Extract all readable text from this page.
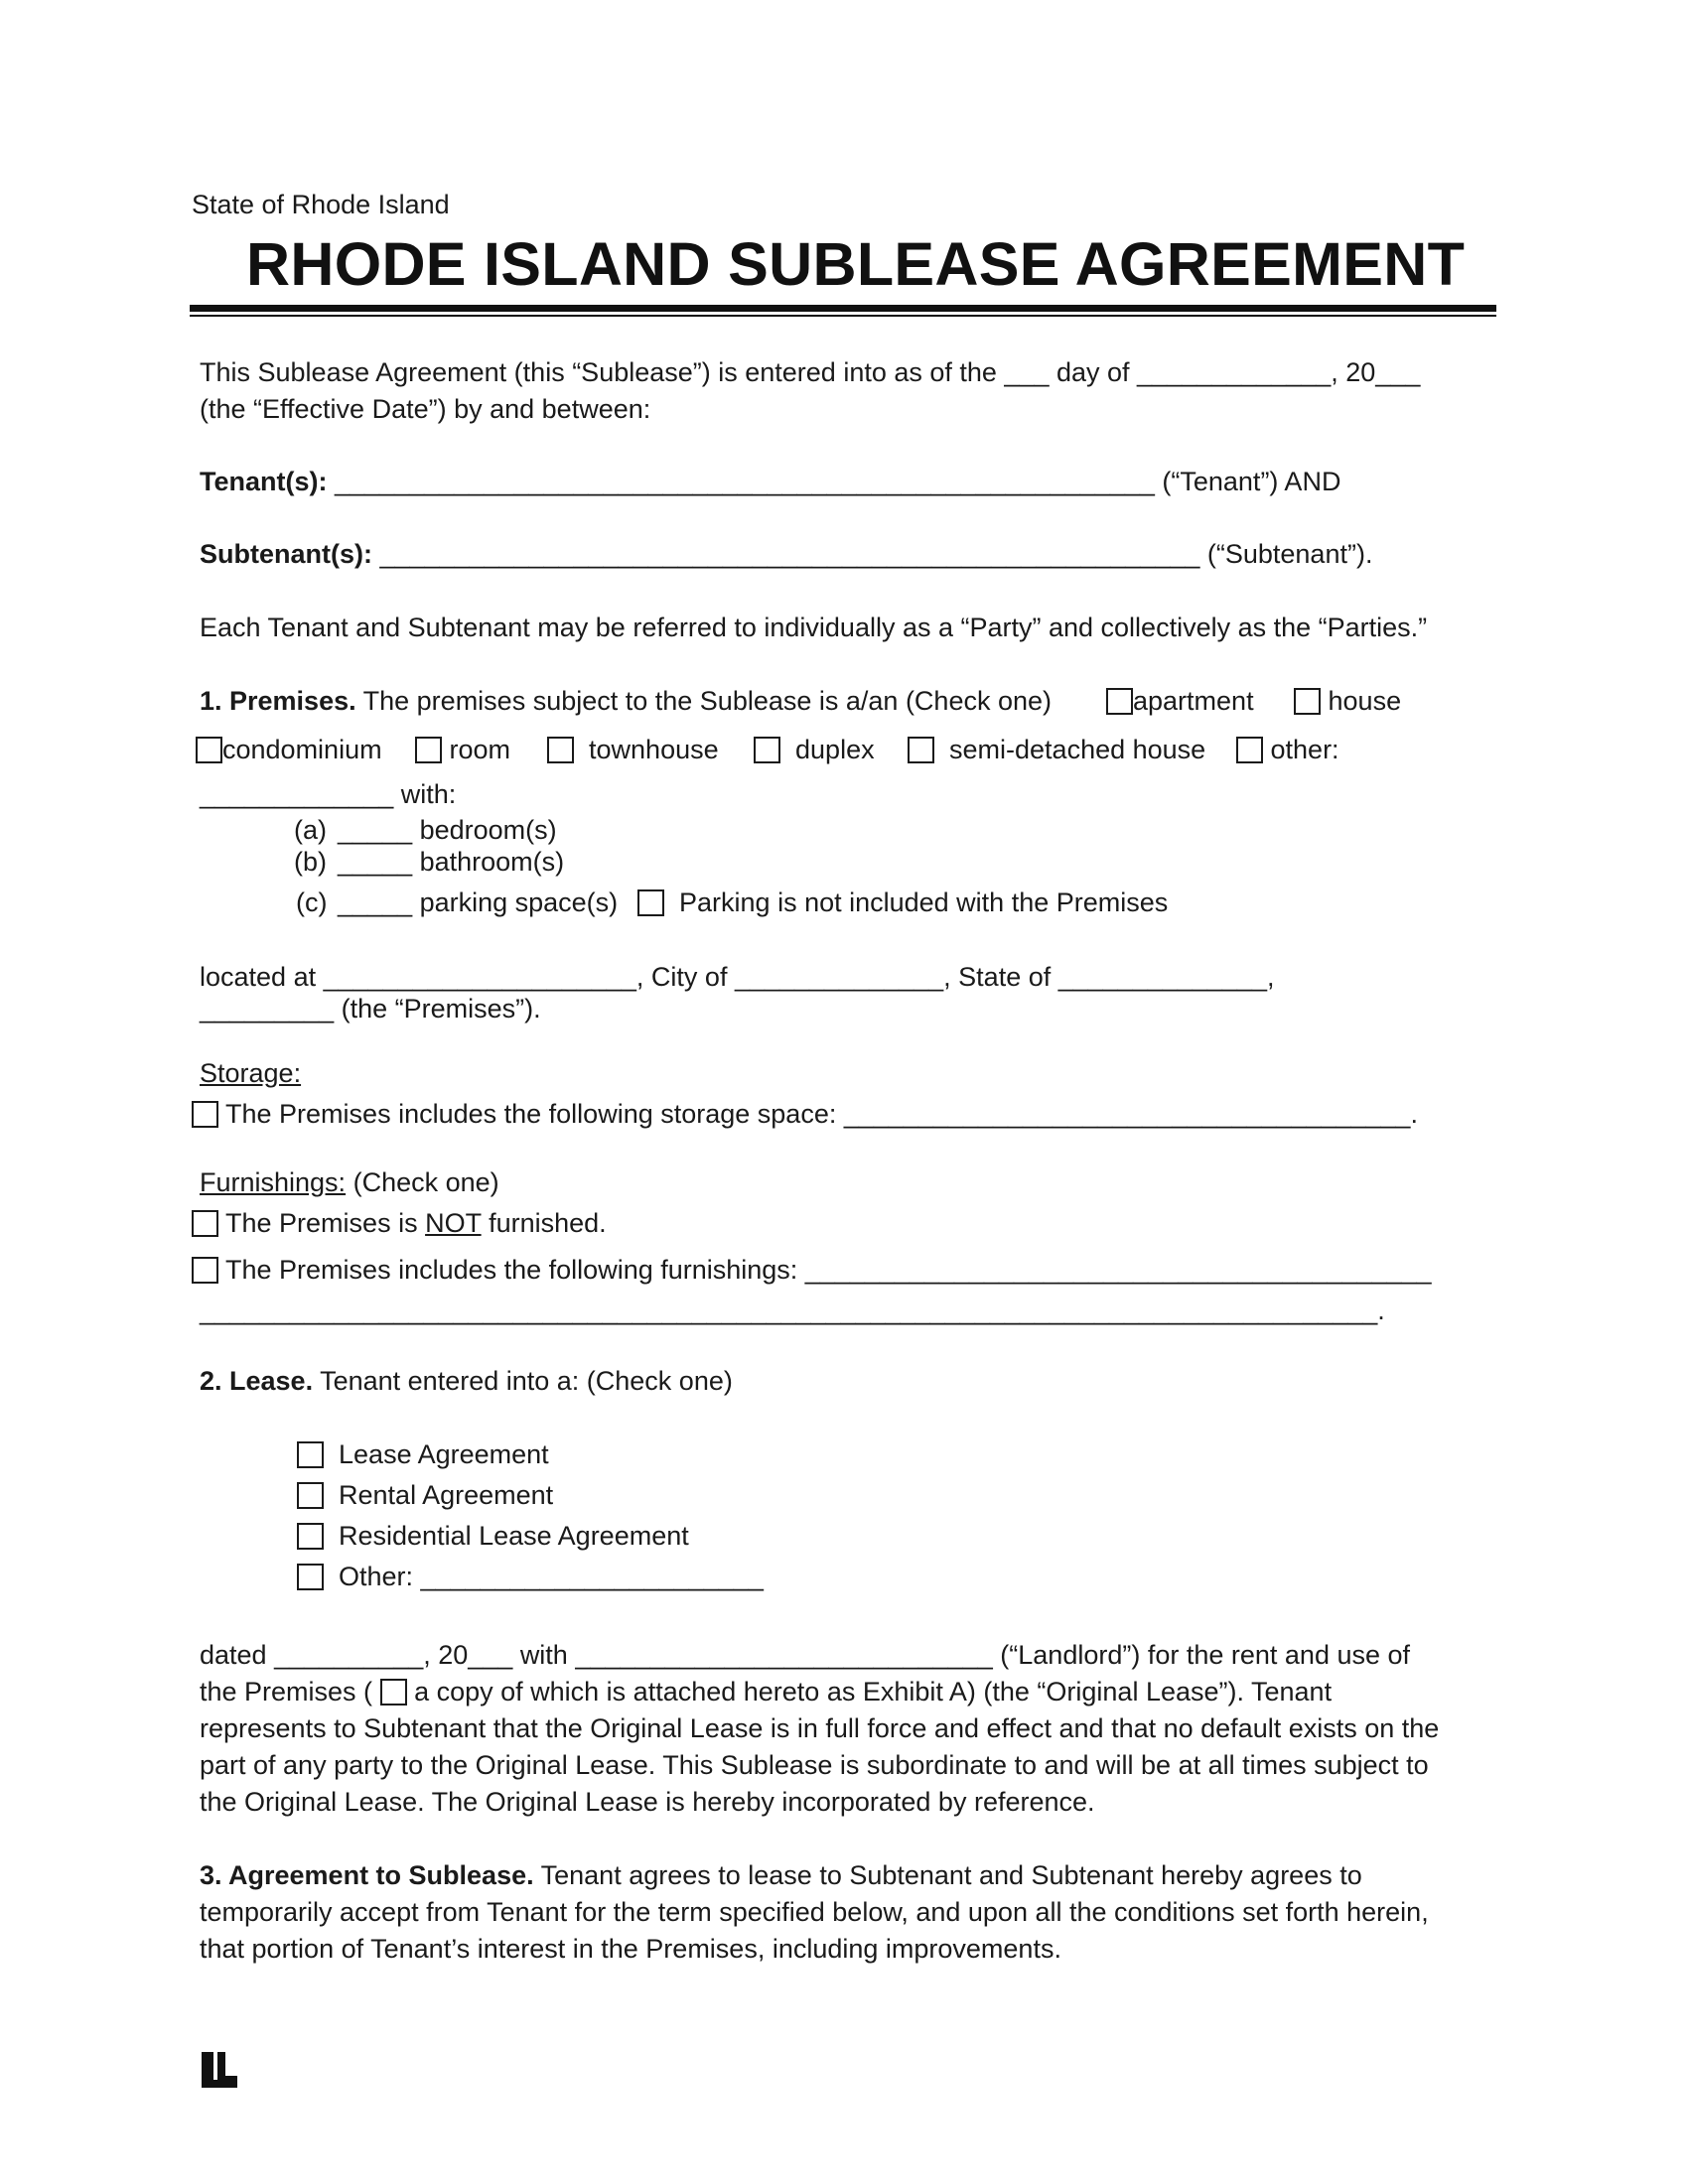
State of Rhode Island
RHODE ISLAND SUBLEASE AGREEMENT
This Sublease Agreement (this “Sublease”) is entered into as of the ___ day of _____________, 20___
(the “Effective Date”) by and between:
Tenant(s): _______________________________________________________ (“Tenant”) AND
Subtenant(s): _______________________________________________________ (“Subtenant”).
Each Tenant and Subtenant may be referred to individually as a “Party” and collectively as the “Parties.”
1. Premises. The premises subject to the Sublease is a/an (Check one)	apartment	house
condominium	room	townhouse	duplex	semi-detached house	other:
_____________ with:
(a) _____ bedroom(s)
(b) _____ bathroom(s)
(c) _____ parking space(s)	Parking is not included with the Premises
located at _____________________, City of ______________, State of ______________,
_________ (the “Premises”).
Storage:
The Premises includes the following storage space: ______________________________________.
Furnishings: (Check one)
The Premises is NOT furnished.
The Premises includes the following furnishings: __________________________________________
_______________________________________________________________________________.
2. Lease. Tenant entered into a: (Check one)
Lease Agreement
Rental Agreement
Residential Lease Agreement
Other: _______________________
dated __________, 20___ with ____________________________ (“Landlord”) for the rent and use of
the Premises (  a copy of which is attached hereto as Exhibit A) (the “Original Lease”). Tenant
represents to Subtenant that the Original Lease is in full force and effect and that no default exists on the
part of any party to the Original Lease. This Sublease is subordinate to and will be at all times subject to
the Original Lease. The Original Lease is hereby incorporated by reference.
3. Agreement to Sublease. Tenant agrees to lease to Subtenant and Subtenant hereby agrees to
temporarily accept from Tenant for the term specified below, and upon all the conditions set forth herein,
that portion of Tenant’s interest in the Premises, including improvements.
